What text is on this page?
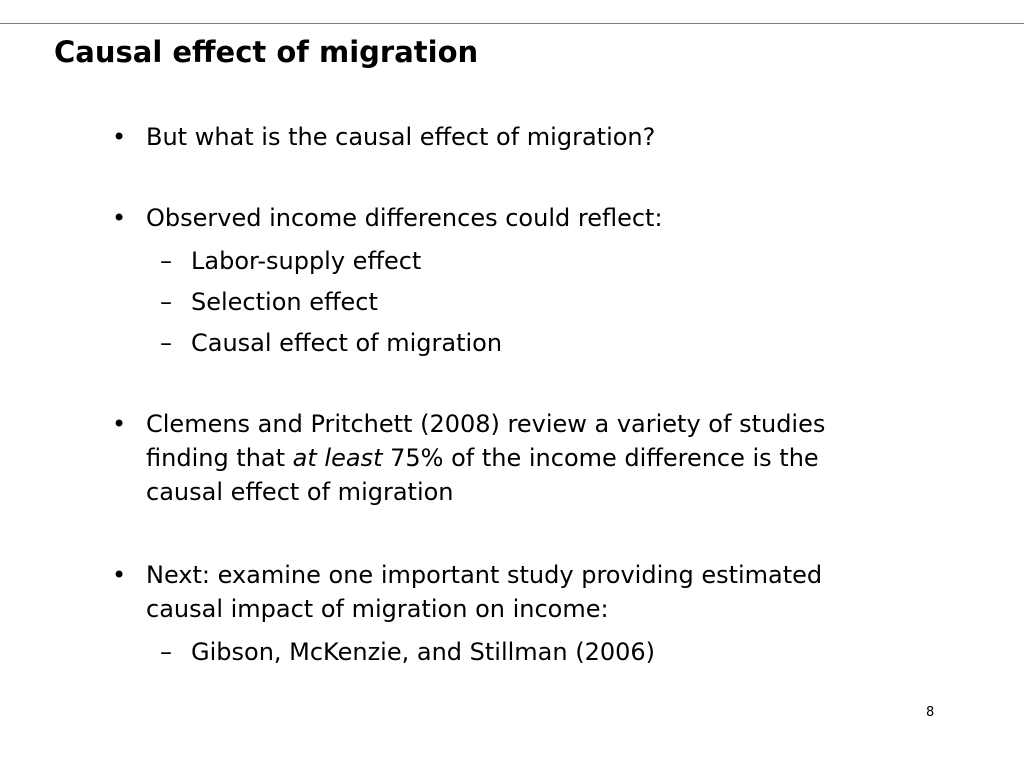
Causal effect of migration
• But what is the causal effect of migration?
• Observed income differences could reflect:
– Labor-supply effect
– Selection effect
– Causal effect of migration
• Clemens and Pritchett (2008) review a variety of studies finding that at least 75% of the income difference is the causal effect of migration
• Next: examine one important study providing estimated causal impact of migration on income:
– Gibson, McKenzie, and Stillman (2006)
8
